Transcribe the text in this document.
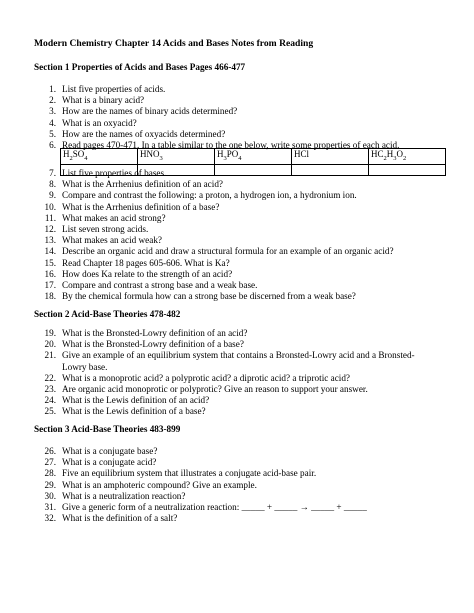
Modern Chemistry Chapter 14 Acids and Bases Notes from Reading
Section 1 Properties of Acids and Bases Pages 466-477
1. List five properties of acids.
2. What is a binary acid?
3. How are the names of binary acids determined?
4. What is an oxyacid?
5. How are the names of oxyacids determined?
6. Read pages 470-471. In a table similar to the one below, write some properties of each acid.
$H_2SO_4$	$HNO_3$	$H_3PO_4$	HCl	$HC_2H_3O_2$

7. List five properties of bases.
8. What is the Arrhenius definition of an acid?
9. Compare and contrast the following: a proton, a hydrogen ion, a hydronium ion.
10. What is the Arrhenius definition of a base?
11. What makes an acid strong?
12. List seven strong acids.
13. What makes an acid weak?
14. Describe an organic acid and draw a structural formula for an example of an organic acid?
15. Read Chapter 18 pages 605-606. What is Ka?
16. How does Ka relate to the strength of an acid?
17. Compare and contrast a strong base and a weak base.
18. By the chemical formula how can a strong base be discerned from a weak base?
Section 2 Acid-Base Theories 478-482
19. What is the Bronsted-Lowry definition of an acid?
20. What is the Bronsted-Lowry definition of a base?
21. Give an example of an equilibrium system that contains a Bronsted-Lowry acid and a Bronsted-
Lowry base.
22. What is a monoprotic acid? a polyprotic acid? a diprotic acid? a triprotic acid?
23. Are organic acid monoprotic or polyprotic? Give an reason to support your answer.
24. What is the Lewis definition of an acid?
25. What is the Lewis definition of a base?
Section 3 Acid-Base Theories 483-899
26. What is a conjugate base?
27. What is a conjugate acid?
28. Five an equilibrium system that illustrates a conjugate acid-base pair.
29. What is an amphoteric compound? Give an example.
30. What is a neutralization reaction?
31. Give a generic form of a neutralization reaction: _____ + _____ → _____ + _____
32. What is the definition of a salt?
